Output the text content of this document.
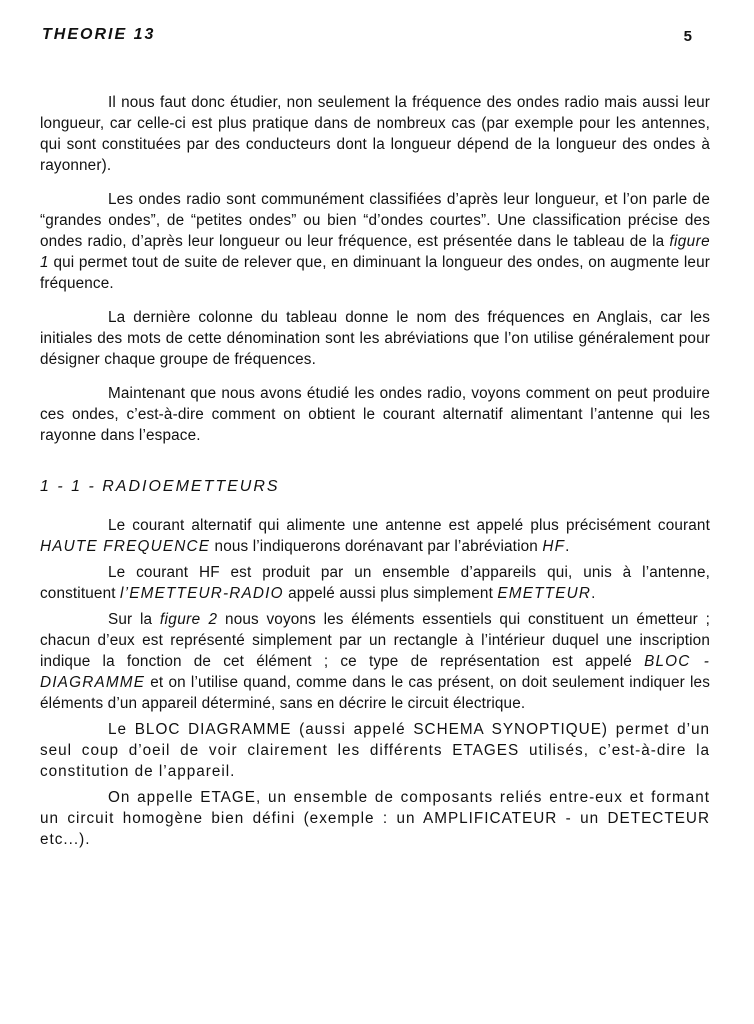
THEORIE 13	5

Il nous faut donc étudier, non seulement la fréquence des ondes radio mais aussi leur longueur, car celle-ci est plus pratique dans de nombreux cas (par exemple pour les antennes, qui sont constituées par des conducteurs dont la longueur dépend de la longueur des ondes à rayonner).

Les ondes radio sont communément classifiées d’après leur longueur, et l’on parle de “grandes ondes”, de “petites ondes” ou bien “d’ondes courtes”. Une classification précise des ondes radio, d’après leur longueur ou leur fréquence, est présentée dans le tableau de la figure 1 qui permet tout de suite de relever que, en diminuant la longueur des ondes, on augmente leur fréquence.

La dernière colonne du tableau donne le nom des fréquences en Anglais, car les initiales des mots de cette dénomination sont les abréviations que l’on utilise généralement pour désigner chaque groupe de fréquences.

Maintenant que nous avons étudié les ondes radio, voyons comment on peut produire ces ondes, c’est-à-dire comment on obtient le courant alternatif alimentant l’antenne qui les rayonne dans l’espace.

1 - 1 - RADIOEMETTEURS

Le courant alternatif qui alimente une antenne est appelé plus précisément courant HAUTE FREQUENCE nous l’indiquerons dorénavant par l’abréviation HF.

Le courant HF est produit par un ensemble d’appareils qui, unis à l’antenne, constituent l’EMETTEUR-RADIO appelé aussi plus simplement EMETTEUR.

Sur la figure 2 nous voyons les éléments essentiels qui constituent un émetteur ; chacun d’eux est représenté simplement par un rectangle à l’intérieur duquel une inscription indique la fonction de cet élément ; ce type de représentation est appelé BLOC - DIAGRAMME et on l’utilise quand, comme dans le cas présent, on doit seulement indiquer les éléments d’un appareil déterminé, sans en décrire le circuit électrique.

Le BLOC DIAGRAMME (aussi appelé SCHEMA SYNOPTIQUE) permet d’un seul coup d’oeil de voir clairement les différents ETAGES utilisés, c’est-à-dire la constitution de l’appareil.

On appelle ETAGE, un ensemble de composants reliés entre-eux et formant un circuit homogène bien défini (exemple : un AMPLIFICATEUR - un DETECTEUR etc...).
